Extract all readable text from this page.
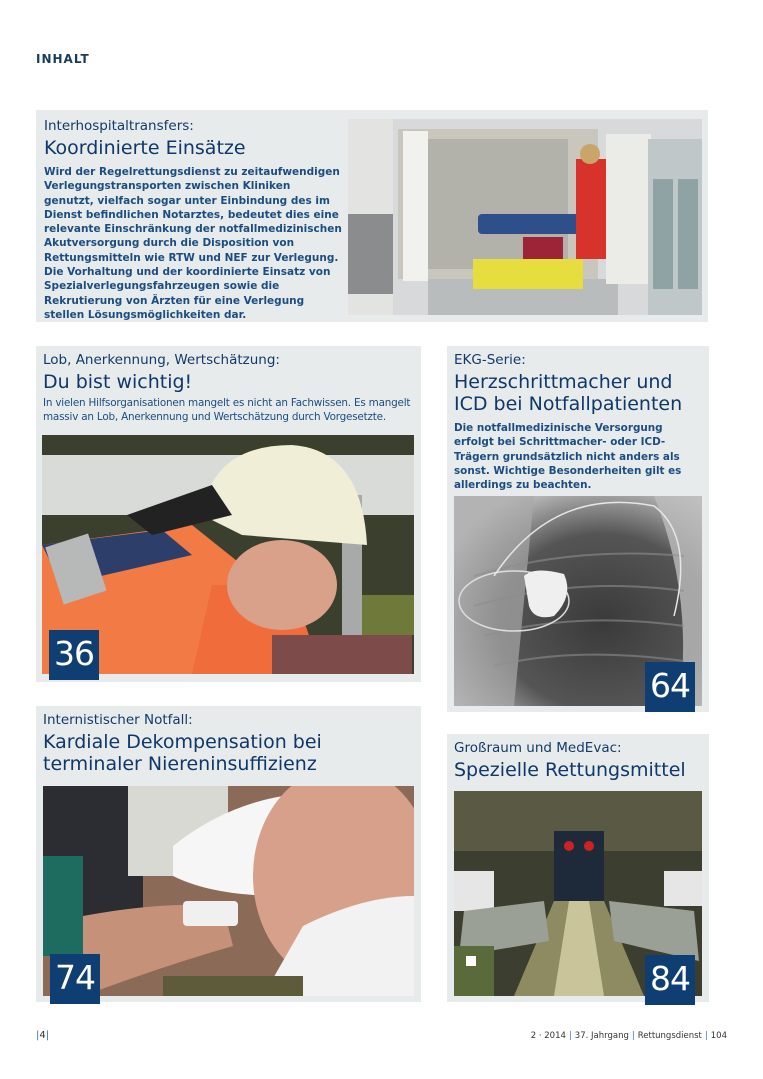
INHALT
Interhospitaltransfers:
Koordinierte Einsätze
Wird der Regelrettungsdienst zu zeitaufwendigen Verlegungstransporten zwischen Kliniken genutzt, vielfach sogar unter Einbindung des im Dienst befindlichen Notarztes, bedeutet dies eine relevante Einschränkung der notfallmedizinischen Akutversorgung durch die Disposition von Rettungsmitteln wie RTW und NEF zur Verlegung. Die Vorhaltung und der koordinierte Einsatz von Spezialverlegungsfahrzeugen sowie die Rekrutierung von Ärzten für eine Verlegung stellen Lösungsmöglichkeiten dar.
Lob, Anerkennung, Wertschätzung:
Du bist wichtig!
In vielen Hilfsorganisationen mangelt es nicht an Fachwissen. Es mangelt massiv an Lob, Anerkennung und Wertschätzung durch Vorgesetzte.
36
EKG-Serie:
Herzschrittmacher und ICD bei Notfallpatienten
Die notfallmedizinische Versorgung erfolgt bei Schrittmacher- oder ICD-Trägern grundsätzlich nicht anders als sonst. Wichtige Besonderheiten gilt es allerdings zu beachten.
64
Internistischer Notfall:
Kardiale Dekompensation bei terminaler Niereninsuffizienz
74
Großraum und MedEvac:
Spezielle Rettungsmittel
84
|4|	2 · 2014 | 37. Jahrgang | Rettungsdienst | 104
